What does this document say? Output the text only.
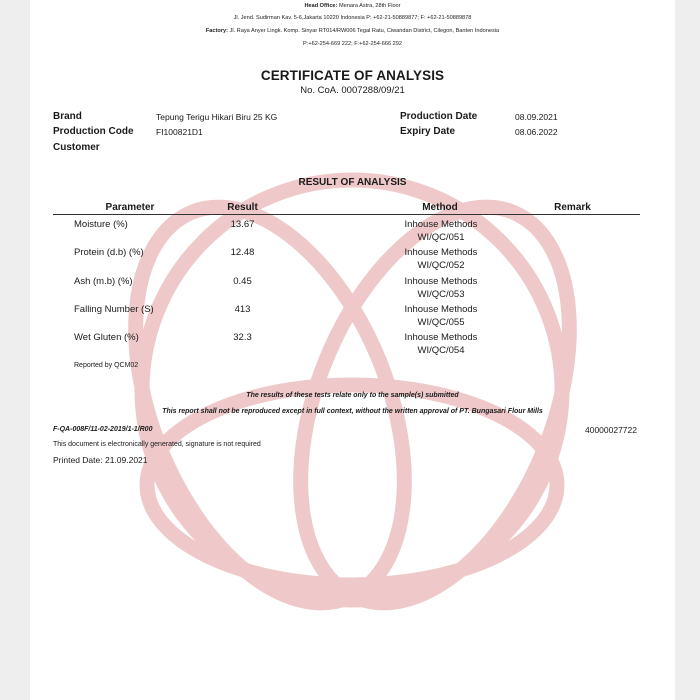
Head Office: Menara Astra, 28th Floor
Jl. Jend. Sudirman Kav. 5-6,Jakarta 10220 Indonesia P: +62-21-50889877; F: +62-21-50889878
Factory: Jl. Raya Anyer Lingk. Komp. Sinyar RT014/RW006 Tegal Ratu, Ciwandan District, Cilegon, Banten Indonesia
P:+62-254-669 222; F:+62-254-666 292
CERTIFICATE OF ANALYSIS
No. CoA. 0007288/09/21
Brand	Tepung Terigu Hikari Biru 25 KG
Production Code	FI100821D1
Customer
Production Date	08.09.2021
Expiry Date	08.06.2022
RESULT OF ANALYSIS
Parameter	Result	Method	Remark
Moisture (%)	13.67	Inhouse Methods
WI/QC/051
Protein (d.b) (%)	12.48	Inhouse Methods
WI/QC/052
Ash (m.b) (%)	0.45	Inhouse Methods
WI/QC/053
Falling Number (S)	413	Inhouse Methods
WI/QC/055
Wet Gluten (%)	32.3	Inhouse Methods
WI/QC/054
Reported by QCM02
The results of these tests relate only to the sample(s) submitted
This report shall not be reproduced except in full context, without the written approval of PT. Bungasari Flour Mills
F-QA-008F/11-02-2019/1-1/R00	40000027722
This document is electronically generated, signature is not required
Printed Date: 21.09.2021
